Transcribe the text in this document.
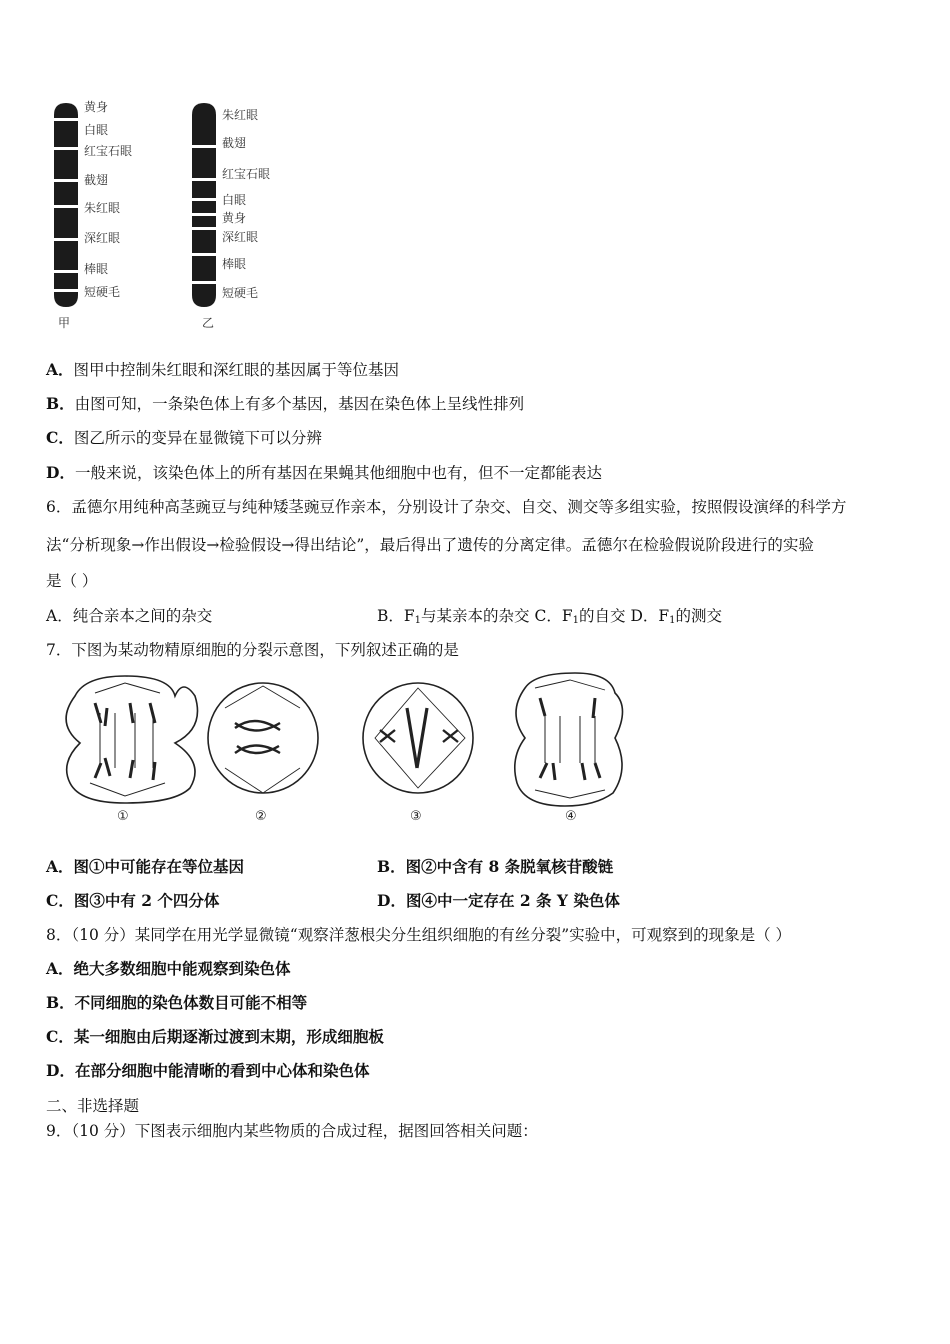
黄身
白眼
红宝石眼
截翅
朱红眼
深红眼
棒眼
短硬毛
甲
朱红眼
截翅
红宝石眼
白眼
黄身
深红眼
棒眼
短硬毛
乙
A．图甲中控制朱红眼和深红眼的基因属于等位基因
B．由图可知，一条染色体上有多个基因，基因在染色体上呈线性排列
C．图乙所示的变异在显微镜下可以分辨
D．一般来说，该染色体上的所有基因在果蝇其他细胞中也有，但不一定都能表达
6．孟德尔用纯种高茎豌豆与纯种矮茎豌豆作亲本，分别设计了杂交、自交、测交等多组实验，按照假设演绎的科学方
法“分析现象→作出假设→检验假设→得出结论”，最后得出了遗传的分离定律。孟德尔在检验假说阶段进行的实验
是（ ）
A．纯合亲本之间的杂交	B．$F_1$与某亲本的杂交 C．$F_1$的自交 D．$F_1$的测交
7．下图为某动物精原细胞的分裂示意图，下列叙述正确的是
①	②	③	④
A．图①中可能存在等位基因	B．图②中含有 8 条脱氧核苷酸链
C．图③中有 2 个四分体	D．图④中一定存在 2 条 Y 染色体
8．（10 分）某同学在用光学显微镜“观察洋葱根尖分生组织细胞的有丝分裂”实验中，可观察到的现象是（ ）
A．绝大多数细胞中能观察到染色体
B．不同细胞的染色体数目可能不相等
C．某一细胞由后期逐渐过渡到末期，形成细胞板
D．在部分细胞中能清晰的看到中心体和染色体
二、非选择题
9．（10 分）下图表示细胞内某些物质的合成过程，据图回答相关问题：
